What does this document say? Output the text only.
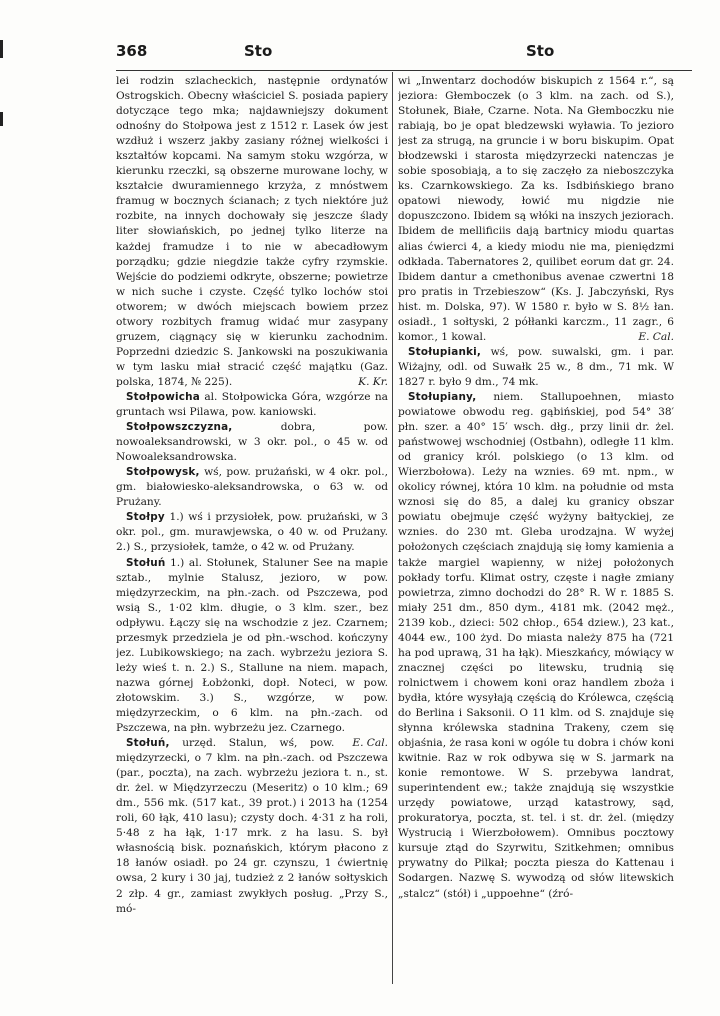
368	Sto	Sto

lei rodzin szlacheckich, następnie ordynatów Ostrogskich. Obecny właściciel S. posiada papiery dotyczące tego mka; najdawniejszy dokument odnośny do Stołpowa jest z 1512 r. Lasek ów jest wzdłuż i wszerz jakby zasiany różnej wielkości i kształtów kopcami. Na samym stoku wzgórza, w kierunku rzeczki, są obszerne murowane lochy, w kształcie dwuramiennego krzyża, z mnóstwem framug w bocznych ścianach; z tych niektóre już rozbite, na innych dochowały się jeszcze ślady liter słowiańskich, po jednej tylko literze na każdej framudze i to nie w abecadłowym porządku; gdzie niegdzie także cyfry rzymskie. Wejście do podziemi odkryte, obszerne; powietrze w nich suche i czyste. Część tylko lochów stoi otworem; w dwóch miejscach bowiem przez otwory rozbitych framug widać mur zasypany gruzem, ciągnący się w kierunku zachodnim. Poprzedni dziedzic S. Jankowski na poszukiwania w tym lasku miał stracić część majątku (Gaz. polska, 1874, № 225).	K. Kr.

Stołpowicha al. Stołpowicka Góra, wzgórze na gruntach wsi Pilawa, pow. kaniowski.

Stołpowszczyzna,	dobra, pow. nowoaleksandrowski, w 3 okr. pol., o 45 w. od Nowoaleksandrowska.

Stołpowysk, wś, pow. prużański, w 4 okr. pol., gm. białowiesko-aleksandrowska, o 63 w. od Prużany.

Stołpy 1.) wś i przysiołek, pow. prużański, w 3 okr. pol., gm. murawjewska, o 40 w. od Prużany. 2.) S., przysiołek, tamże, o 42 w. od Prużany.

Stołuń 1.) al. Stołunek, Staluner See na mapie sztab., mylnie Stalusz, jezioro, w pow. międzyrzeckim, na płn.-zach. od Pszczewa, pod wsią S., 1·02 klm. długie, o 3 klm. szer., bez odpływu. Łączy się na wschodzie z jez. Czarnem; przesmyk przedziela je od płn.-wschod. kończyny jez. Lubikowskiego; na zach. wybrzeżu jeziora S. leży wieś t. n. 2.) S., Stallune na niem. mapach, nazwa górnej Łobżonki, dopł. Noteci, w pow. złotowskim. 3.) S., wzgórze, w pow. międzyrzeckim, o 6 klm. na płn.-zach. od Pszczewa, na płn. wybrzeżu jez. Czarnego.
E. Cal.

Stołuń, urzęd. Stalun, wś, pow. międzyrzecki, o 7 klm. na płn.-zach. od Pszczewa (par., poczta), na zach. wybrzeżu jeziora t. n., st. dr. żel. w Międzyrzeczu (Meseritz) o 10 klm.; 69 dm., 556 mk. (517 kat., 39 prot.) i 2013 ha (1254 roli, 60 łąk, 410 lasu); czysty doch. 4·31 z ha roli, 5·48 z ha łąk, 1·17 mrk. z ha lasu. S. był własnością bisk. poznańskich, którym płacono z 18 łanów osiadł. po 24 gr. czynszu, 1 ćwiertnię owsa, 2 kury i 30 jaj, tudzież z 2 łanów sołtyskich 2 złp. 4 gr., zamiast zwykłych posług. „Przy S., mó-

wi „Inwentarz dochodów biskupich z 1564 r.“, są jeziora: Głemboczek (o 3 klm. na zach. od S.), Stołunek, Białe, Czarne. Nota. Na Głemboczku nie rabiają, bo je opat bledzewski wyławia. To jezioro jest za strugą, na gruncie i w boru biskupim. Opat błodzewski i starosta międzyrzecki natenczas je sobie sposobiają, a to się zaczęło za nieboszczyka ks. Czarnkowskiego. Za ks. Isdbińskiego brano opatowi niewody, łowić mu nigdzie nie dopuszczono. Ibidem są włóki na inszych jeziorach. Ibidem de mellificiis dają bartnicy miodu quartas alias ćwierci 4, a kiedy miodu nie ma, pieniędzmi odkłada. Tabernatores 2, quilibet eorum dat gr. 24. Ibidem dantur a cmethonibus avenae czwertni 18 pro pratis in Trzebieszow“ (Ks. J. Jabczyński, Rys hist. m. Dolska, 97). W 1580 r. było w S. 8½ łan. osiadł., 1 sołtyski, 2 półłanki karczm., 11 zagr., 6 komor., 1 kowal.	E. Cal.

Stołupianki, wś, pow. suwalski, gm. i par. Wiżajny, odl. od Suwałk 25 w., 8 dm., 71 mk. W 1827 r. było 9 dm., 74 mk.

Stołupiany, niem. Stallupoehnen, miasto powiatowe obwodu reg. gąbińskiej, pod 54° 38′ płn. szer. a 40° 15′ wsch. dłg., przy linii dr. żel. państwowej wschodniej (Ostbahn), odległe 11 klm. od granicy król. polskiego (o 13 klm. od Wierzbołowa). Leży na wznies. 69 mt. npm., w okolicy równej, która 10 klm. na południe od msta wznosi się do 85, a dalej ku granicy obszar powiatu obejmuje część wyżyny bałtyckiej, ze wznies. do 230 mt. Gleba urodzajna. W wyżej położonych częściach znajdują się łomy kamienia a także margiel wapienny, w niżej położonych pokłady torfu. Klimat ostry, częste i nagłe zmiany powietrza, zimno dochodzi do 28° R. W r. 1885 S. miały 251 dm., 850 dym., 4181 mk. (2042 męż., 2139 kob., dzieci: 502 chłop., 654 dziew.), 23 kat., 4044 ew., 100 żyd. Do miasta należy 875 ha (721 ha pod uprawą, 31 ha łąk). Mieszkańcy, mówiący w znacznej części po litewsku, trudnią się rolnictwem i chowem koni oraz handlem zboża i bydła, które wysyłają częścią do Królewca, częścią do Berlina i Saksonii. O 11 klm. od S. znajduje się słynna królewska stadnina Trakeny, czem się objaśnia, że rasa koni w ogóle tu dobra i chów koni kwitnie. Raz w rok odbywa się w S. jarmark na konie remontowe. W S. przebywa landrat, superintendent ew.; także znajdują się wszystkie urzędy powiatowe, urząd katastrowy, sąd, prokuratorya, poczta, st. tel. i st. dr. żel. (między Wystrucią i Wierzbołowem). Omnibus pocztowy kursuje ztąd do Szyrwitu, Szitkehmen; omnibus prywatny do Pilkał; poczta piesza do Kattenau i Sodargen. Nazwę S. wywodzą od słów litewskich „stalcz“ (stół) i „uppoehne“ (źró-
